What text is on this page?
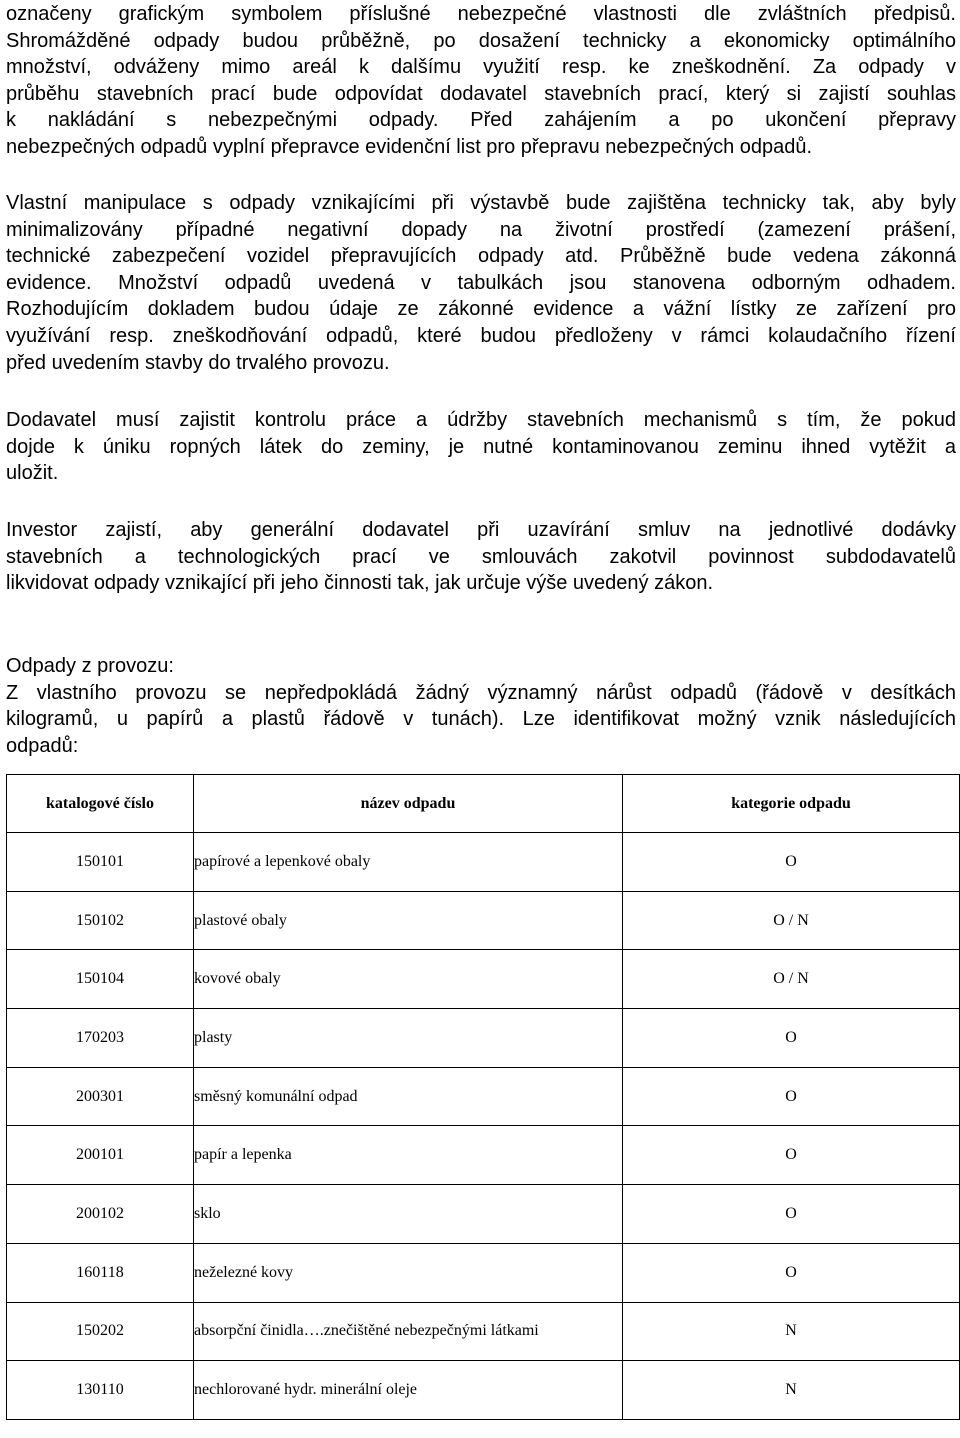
označeny grafickým symbolem příslušné nebezpečné vlastnosti dle zvláštních předpisů.
Shromážděné odpady budou průběžně, po dosažení technicky a ekonomicky optimálního
množství, odváženy mimo areál k dalšímu využití resp. ke zneškodnění. Za odpady v
průběhu stavebních prací bude odpovídat dodavatel stavebních prací, který si zajistí souhlas
k nakládání s nebezpečnými odpady. Před zahájením a po ukončení přepravy
nebezpečných odpadů vyplní přepravce evidenční list pro přepravu nebezpečných odpadů.
Vlastní manipulace s odpady vznikajícími při výstavbě bude zajištěna technicky tak, aby byly
minimalizovány případné negativní dopady na životní prostředí (zamezení prášení,
technické zabezpečení vozidel přepravujících odpady atd. Průběžně bude vedena zákonná
evidence. Množství odpadů uvedená v tabulkách jsou stanovena odborným odhadem.
Rozhodujícím dokladem budou údaje ze zákonné evidence a vážní lístky ze zařízení pro
využívání resp. zneškodňování odpadů, které budou předloženy v rámci kolaudačního řízení
před uvedením stavby do trvalého provozu.
Dodavatel musí zajistit kontrolu práce a údržby stavebních mechanismů s tím, že pokud
dojde k úniku ropných látek do zeminy, je nutné kontaminovanou zeminu ihned vytěžit a
uložit.
Investor zajistí, aby generální dodavatel při uzavírání smluv na jednotlivé dodávky
stavebních a technologických prací ve smlouvách zakotvil povinnost subdodavatelů
likvidovat odpady vznikající při jeho činnosti tak, jak určuje výše uvedený zákon.
Odpady z provozu:
Z vlastního provozu se nepředpokládá žádný významný nárůst odpadů (řádově v desítkách
kilogramů, u papírů a plastů řádově v tunách). Lze identifikovat možný vznik následujících
odpadů:
katalogové číslo	název odpadu	kategorie odpadu
150101	papírové a lepenkové obaly	O
150102	plastové obaly	O / N
150104	kovové obaly	O / N
170203	plasty	O
200301	směsný komunální odpad	O
200101	papír a lepenka	O
200102	sklo	O
160118	neželezné kovy	O
150202	absorpční činidla….znečištěné nebezpečnými látkami	N
130110	nechlorované hydr. minerální oleje	N
